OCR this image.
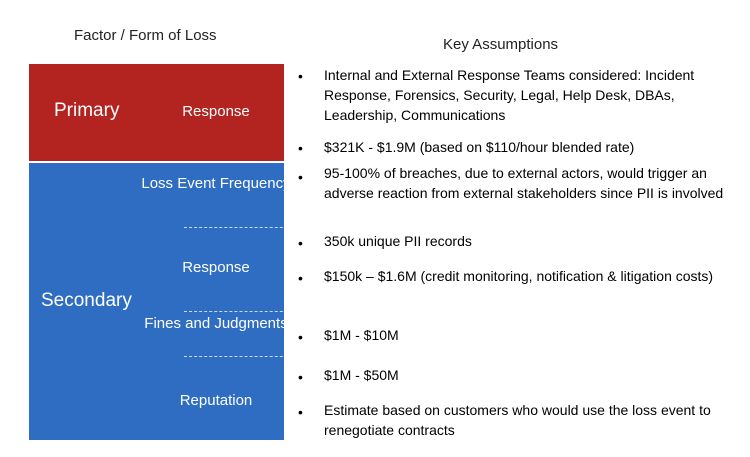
Factor / Form of Loss
Key Assumptions
Primary	Response
Secondary
Loss Event Frequency
Response
Fines and Judgments
Reputation
• Internal and External Response Teams considered: Incident Response, Forensics, Security, Legal, Help Desk, DBAs, Leadership, Communications
• $321K - $1.9M (based on $110/hour blended rate)
• 95-100% of breaches, due to external actors, would trigger an adverse reaction from external stakeholders since PII is involved
• 350k unique PII records
• $150k – $1.6M (credit monitoring, notification & litigation costs)
• $1M - $10M
• $1M - $50M
• Estimate based on customers who would use the loss event to renegotiate contracts
